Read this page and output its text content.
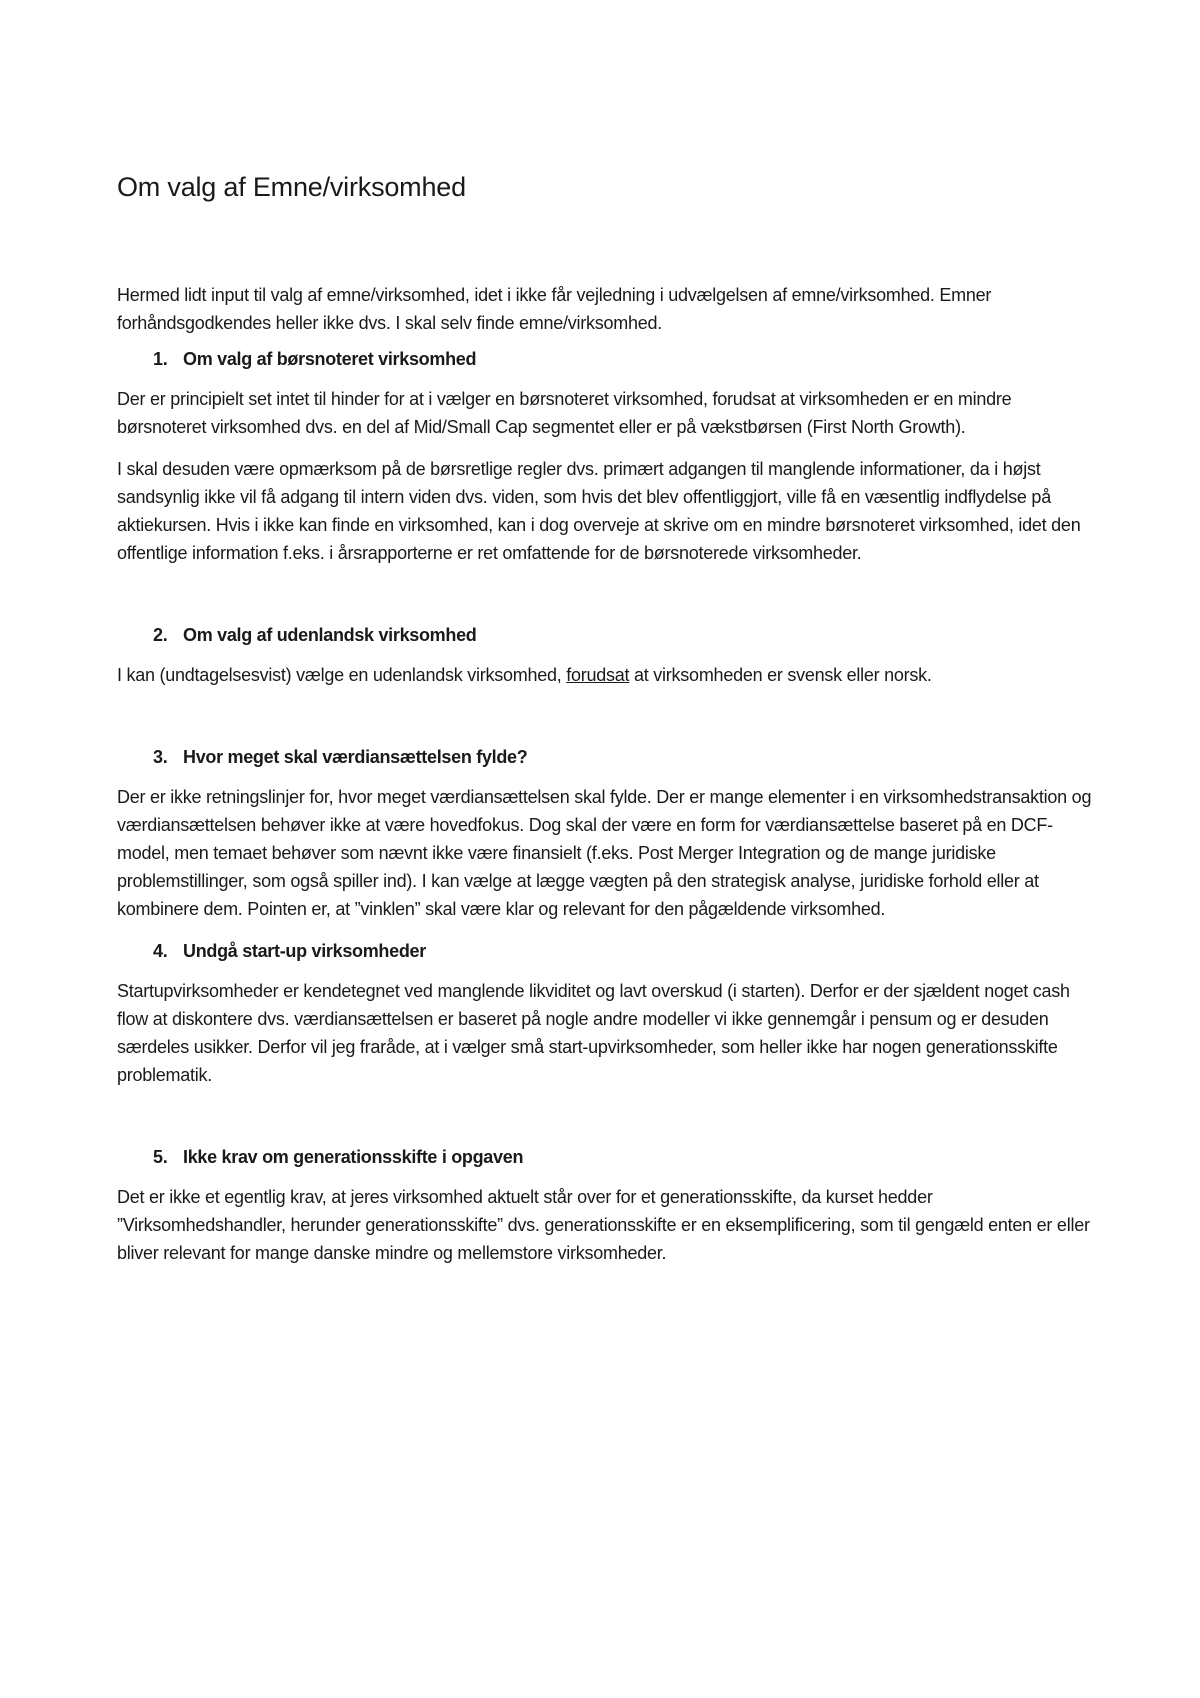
Om valg af Emne/virksomhed

Hermed lidt input til valg af emne/virksomhed, idet i ikke får vejledning i udvælgelsen af emne/virksomhed. Emner forhåndsgodkendes heller ikke dvs. I skal selv finde emne/virksomhed.

1. Om valg af børsnoteret virksomhed

Der er principielt set intet til hinder for at i vælger en børsnoteret virksomhed, forudsat at virksomheden er en mindre børsnoteret virksomhed dvs. en del af Mid/Small Cap segmentet eller er på vækstbørsen (First North Growth).

I skal desuden være opmærksom på de børsretlige regler dvs. primært adgangen til manglende informationer, da i højst sandsynlig ikke vil få adgang til intern viden dvs. viden, som hvis det blev offentliggjort, ville få en væsentlig indflydelse på aktiekursen. Hvis i ikke kan finde en virksomhed, kan i dog overveje at skrive om en mindre børsnoteret virksomhed, idet den offentlige information f.eks. i årsrapporterne er ret omfattende for de børsnoterede virksomheder.

2. Om valg af udenlandsk virksomhed

I kan (undtagelsesvist) vælge en udenlandsk virksomhed, forudsat at virksomheden er svensk eller norsk.

3. Hvor meget skal værdiansættelsen fylde?

Der er ikke retningslinjer for, hvor meget værdiansættelsen skal fylde. Der er mange elementer i en virksomhedstransaktion og værdiansættelsen behøver ikke at være hovedfokus. Dog skal der være en form for værdiansættelse baseret på en DCF-model, men temaet behøver som nævnt ikke være finansielt (f.eks. Post Merger Integration og de mange juridiske problemstillinger, som også spiller ind). I kan vælge at lægge vægten på den strategisk analyse, juridiske forhold eller at kombinere dem. Pointen er, at ”vinklen” skal være klar og relevant for den pågældende virksomhed.

4. Undgå start-up virksomheder

Startupvirksomheder er kendetegnet ved manglende likviditet og lavt overskud (i starten). Derfor er der sjældent noget cash flow at diskontere dvs. værdiansættelsen er baseret på nogle andre modeller vi ikke gennemgår i pensum og er desuden særdeles usikker. Derfor vil jeg fraråde, at i vælger små start-upvirksomheder, som heller ikke har nogen generationsskifte problematik.

5. Ikke krav om generationsskifte i opgaven

Det er ikke et egentlig krav, at jeres virksomhed aktuelt står over for et generationsskifte, da kurset hedder ”Virksomhedshandler, herunder generationsskifte” dvs. generationsskifte er en eksemplificering, som til gengæld enten er eller bliver relevant for mange danske mindre og mellemstore virksomheder.
